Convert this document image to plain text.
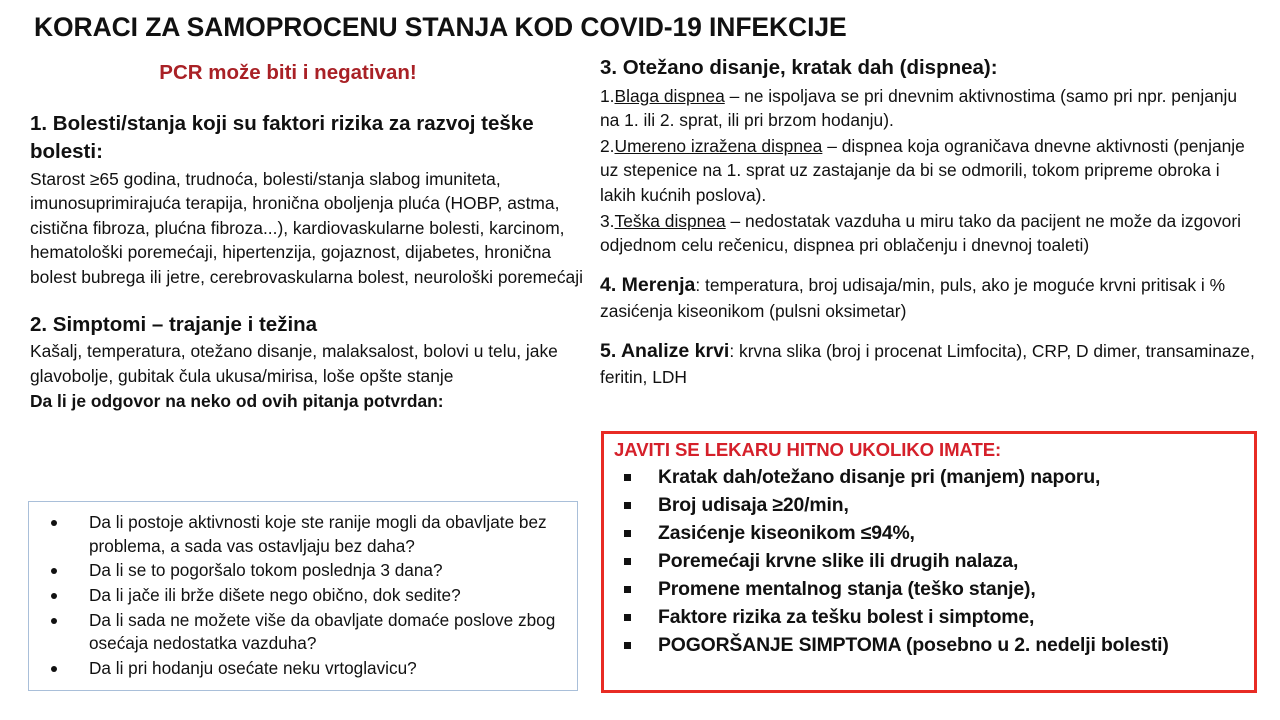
KORACI ZA SAMOPROCENU STANJA KOD COVID-19 INFEKCIJE
PCR može biti i negativan!
1. Bolesti/stanja koji su faktori rizika za razvoj teške bolesti:
Starost ≥65 godina, trudnoća, bolesti/stanja slabog imuniteta, imunosuprimirajuća terapija, hronična oboljenja pluća (HOBP, astma, cistična fibroza, plućna fibroza...), kardiovaskularne bolesti, karcinom, hematološki poremećaji, hipertenzija, gojaznost, dijabetes, hronična bolest bubrega ili jetre, cerebrovaskularna bolest, neurološki poremećaji
2. Simptomi – trajanje i težina
Kašalj, temperatura, otežano disanje, malaksalost, bolovi u telu, jake glavobolje, gubitak čula ukusa/mirisa, loše opšte stanje
Da li je odgovor na neko od ovih pitanja potvrdan:
Da li postoje aktivnosti koje ste ranije mogli da obavljate bez problema, a sada vas ostavljaju bez daha?
Da li se to pogoršalo tokom poslednja 3 dana?
Da li jače ili brže dišete nego obično, dok sedite?
Da li sada ne možete više da obavljate domaće poslove zbog osećaja nedostatka vazduha?
Da li pri hodanju osećate neku vrtoglavicu?
3. Otežano disanje, kratak dah (dispnea):
1.Blaga dispnea – ne ispoljava se pri dnevnim aktivnostima (samo pri npr. penjanju na 1. ili 2. sprat, ili pri brzom hodanju).
2.Umereno izražena dispnea – dispnea koja ograničava dnevne aktivnosti (penjanje uz stepenice na 1. sprat uz zastajanje da bi se odmorili, tokom pripreme obroka i lakih kućnih poslova).
3.Teška dispnea – nedostatak vazduha u miru tako da pacijent ne može da izgovori odjednom celu rečenicu, dispnea pri oblačenju i dnevnoj toaleti)
4. Merenja: temperatura, broj udisaja/min, puls, ako je moguće krvni pritisak i % zasićenja kiseonikom (pulsni oksimetar)
5. Analize krvi: krvna slika (broj i procenat Limfocita), CRP, D dimer, transaminaze, feritin, LDH
JAVITI SE LEKARU HITNO UKOLIKO IMATE:
Kratak dah/otežano disanje pri (manjem) naporu,
Broj udisaja ≥20/min,
Zasićenje kiseonikom ≤94%,
Poremećaji krvne slike ili drugih nalaza,
Promene mentalnog stanja (teško stanje),
Faktore rizika za tešku bolest i simptome,
POGORŠANJE SIMPTOMA (posebno u 2. nedelji bolesti)
